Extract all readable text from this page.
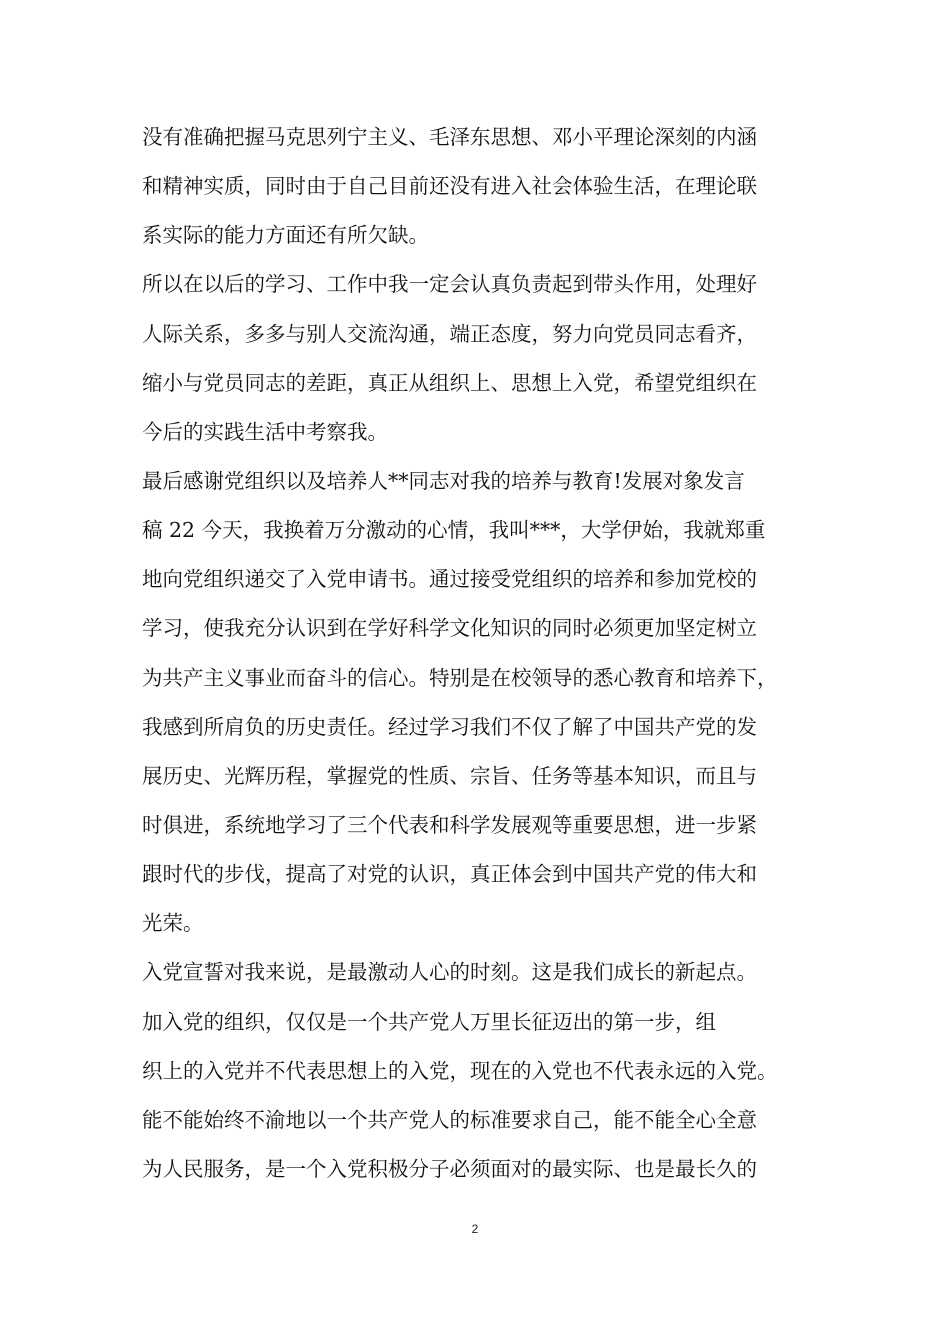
没有准确把握马克思列宁主义、毛泽东思想、邓小平理论深刻的内涵
和精神实质，同时由于自己目前还没有进入社会体验生活，在理论联
系实际的能力方面还有所欠缺。
所以在以后的学习、工作中我一定会认真负责起到带头作用，处理好
人际关系，多多与别人交流沟通，端正态度，努力向党员同志看齐，
缩小与党员同志的差距，真正从组织上、思想上入党，希望党组织在
今后的实践生活中考察我。
最后感谢党组织以及培养人**同志对我的培养与教育!发展对象发言
稿 22 今天，我换着万分激动的心情，我叫***，大学伊始，我就郑重
地向党组织递交了入党申请书。通过接受党组织的培养和参加党校的
学习，使我充分认识到在学好科学文化知识的同时必须更加坚定树立
为共产主义事业而奋斗的信心。特别是在校领导的悉心教育和培养下，
我感到所肩负的历史责任。经过学习我们不仅了解了中国共产党的发
展历史、光辉历程，掌握党的性质、宗旨、任务等基本知识，而且与
时俱进，系统地学习了三个代表和科学发展观等重要思想，进一步紧
跟时代的步伐，提高了对党的认识，真正体会到中国共产党的伟大和
光荣。
入党宣誓对我来说，是最激动人心的时刻。这是我们成长的新起点。
加入党的组织，仅仅是一个共产党人万里长征迈出的第一步，组
织上的入党并不代表思想上的入党，现在的入党也不代表永远的入党。
能不能始终不渝地以一个共产党人的标准要求自己，能不能全心全意
为人民服务，是一个入党积极分子必须面对的最实际、也是最长久的
2
